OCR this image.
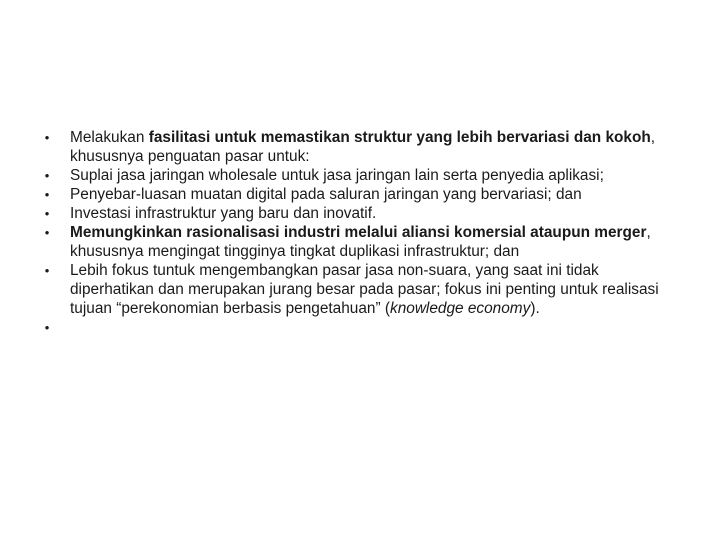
•	Melakukan fasilitasi untuk memastikan struktur yang lebih bervariasi dan kokoh, khususnya penguatan pasar untuk:
•	Suplai jasa jaringan wholesale untuk jasa jaringan lain serta penyedia aplikasi;
•	Penyebar-luasan muatan digital pada saluran jaringan yang bervariasi; dan
•	Investasi infrastruktur yang baru dan inovatif.
•	Memungkinkan rasionalisasi industri melalui aliansi komersial ataupun merger, khususnya mengingat tingginya tingkat duplikasi infrastruktur; dan
•	Lebih fokus tuntuk mengembangkan pasar jasa non-suara, yang saat ini tidak diperhatikan dan merupakan jurang besar pada pasar; fokus ini penting untuk realisasi tujuan “perekonomian berbasis pengetahuan” (knowledge economy).
•
